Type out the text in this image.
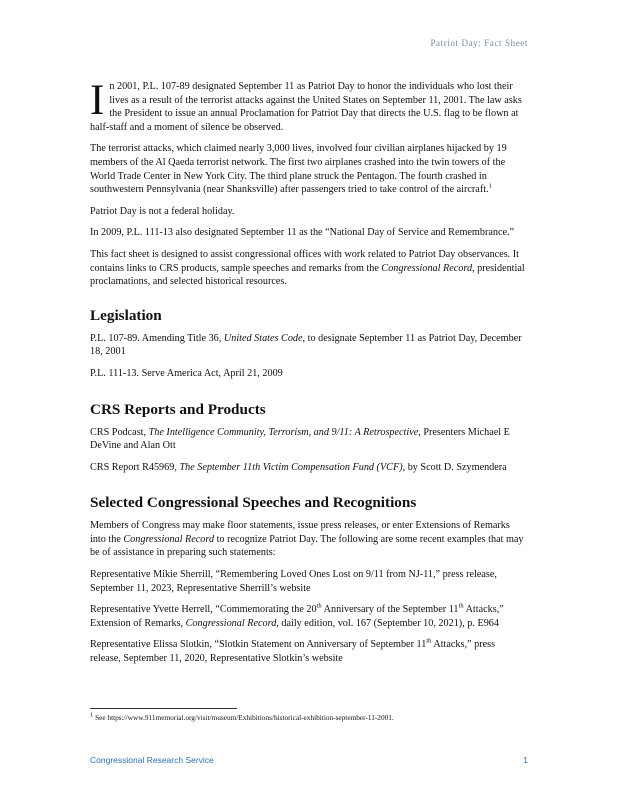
Patriot Day: Fact Sheet

In 2001, P.L. 107-89 designated September 11 as Patriot Day to honor the individuals who lost their lives as a result of the terrorist attacks against the United States on September 11, 2001. The law asks the President to issue an annual Proclamation for Patriot Day that directs the U.S. flag to be flown at half-staff and a moment of silence be observed.

The terrorist attacks, which claimed nearly 3,000 lives, involved four civilian airplanes hijacked by 19 members of the Al Qaeda terrorist network. The first two airplanes crashed into the twin towers of the World Trade Center in New York City. The third plane struck the Pentagon. The fourth crashed in southwestern Pennsylvania (near Shanksville) after passengers tried to take control of the aircraft.$^1$

Patriot Day is not a federal holiday.

In 2009, P.L. 111-13 also designated September 11 as the “National Day of Service and Remembrance.”

This fact sheet is designed to assist congressional offices with work related to Patriot Day observances. It contains links to CRS products, sample speeches and remarks from the Congressional Record, presidential proclamations, and selected historical resources.

Legislation

P.L. 107-89. Amending Title 36, United States Code, to designate September 11 as Patriot Day, December 18, 2001

P.L. 111-13. Serve America Act, April 21, 2009

CRS Reports and Products

CRS Podcast, The Intelligence Community, Terrorism, and 9/11: A Retrospective, Presenters Michael E DeVine and Alan Ott

CRS Report R45969, The September 11th Victim Compensation Fund (VCF), by Scott D. Szymendera

Selected Congressional Speeches and Recognitions

Members of Congress may make floor statements, issue press releases, or enter Extensions of Remarks into the Congressional Record to recognize Patriot Day. The following are some recent examples that may be of assistance in preparing such statements:

Representative Mikie Sherrill, “Remembering Loved Ones Lost on 9/11 from NJ-11,” press release, September 11, 2023, Representative Sherrill’s website

Representative Yvette Herrell, “Commemorating the 20th Anniversary of the September 11th Attacks,” Extension of Remarks, Congressional Record, daily edition, vol. 167 (September 10, 2021), p. E964

Representative Elissa Slotkin, “Slotkin Statement on Anniversary of September 11th Attacks,” press release, September 11, 2020, Representative Slotkin’s website

$^1$ See https://www.911memorial.org/visit/museum/Exhibitions/historical-exhibition-september-11-2001.
Congressional Research Service	1
